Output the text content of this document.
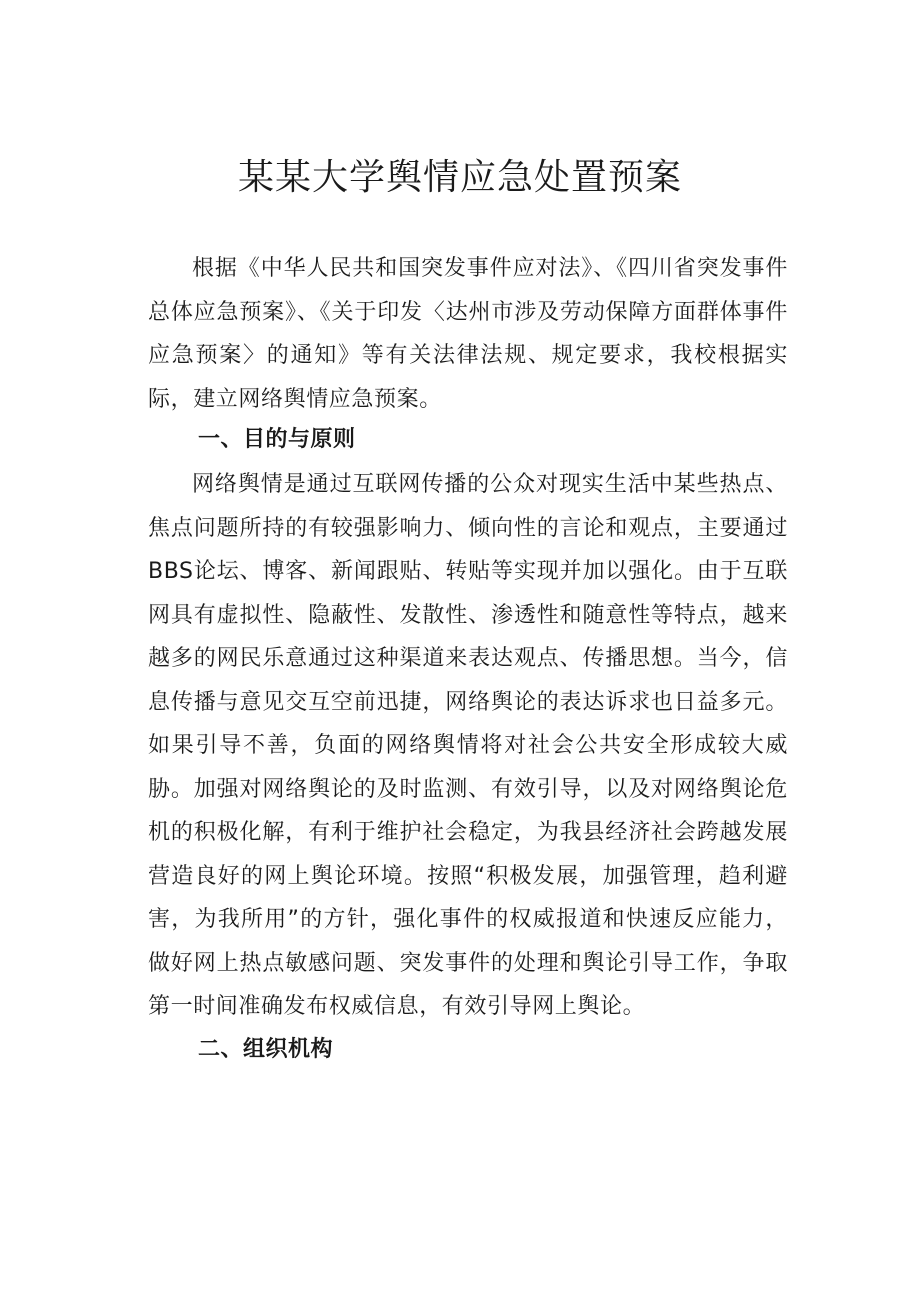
某某大学舆情应急处置预案

根据《中华人民共和国突发事件应对法》、《四川省突发事件总体应急预案》、《关于印发〈达州市涉及劳动保障方面群体事件应急预案〉的通知》等有关法律法规、规定要求，我校根据实际，建立网络舆情应急预案。

一、目的与原则

网络舆情是通过互联网传播的公众对现实生活中某些热点、焦点问题所持的有较强影响力、倾向性的言论和观点，主要通过BBS论坛、博客、新闻跟贴、转贴等实现并加以强化。由于互联网具有虚拟性、隐蔽性、发散性、渗透性和随意性等特点，越来越多的网民乐意通过这种渠道来表达观点、传播思想。当今，信息传播与意见交互空前迅捷，网络舆论的表达诉求也日益多元。如果引导不善，负面的网络舆情将对社会公共安全形成较大威胁。加强对网络舆论的及时监测、有效引导，以及对网络舆论危机的积极化解，有利于维护社会稳定，为我县经济社会跨越发展营造良好的网上舆论环境。按照“积极发展，加强管理，趋利避害，为我所用”的方针，强化事件的权威报道和快速反应能力，做好网上热点敏感问题、突发事件的处理和舆论引导工作，争取第一时间准确发布权威信息，有效引导网上舆论。

二、组织机构
